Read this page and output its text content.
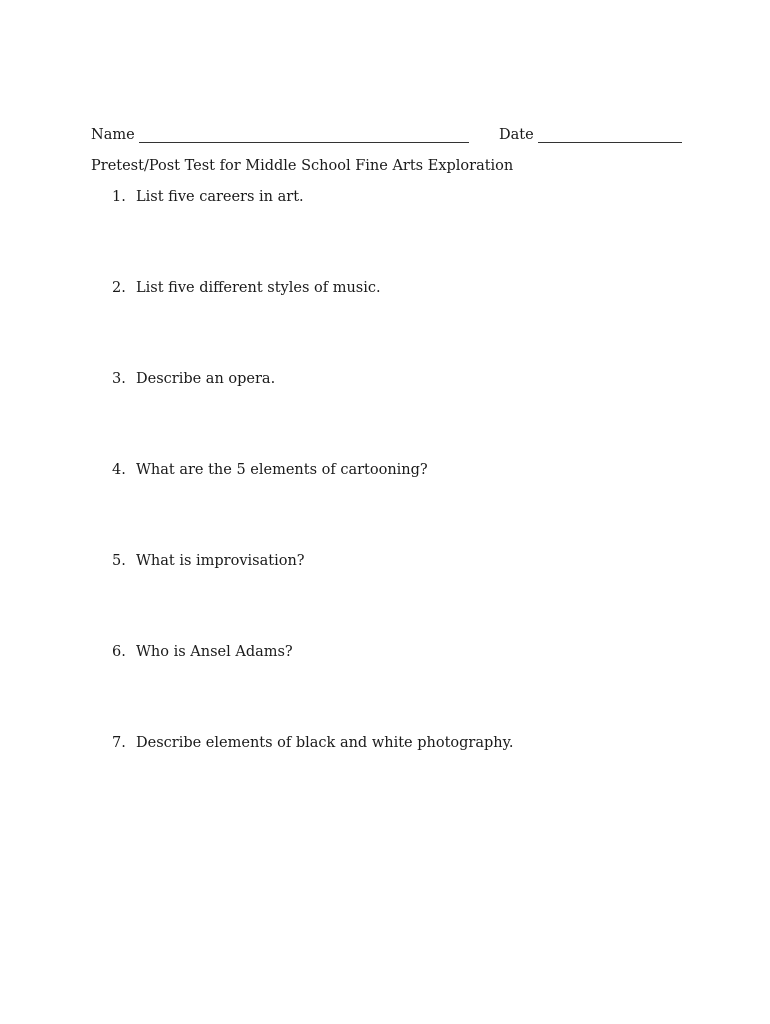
Name	Date
Pretest/Post Test for Middle School Fine Arts Exploration
1. List five careers in art.
2. List five different styles of music.
3. Describe an opera.
4. What are the 5 elements of cartooning?
5. What is improvisation?
6. Who is Ansel Adams?
7. Describe elements of black and white photography.
